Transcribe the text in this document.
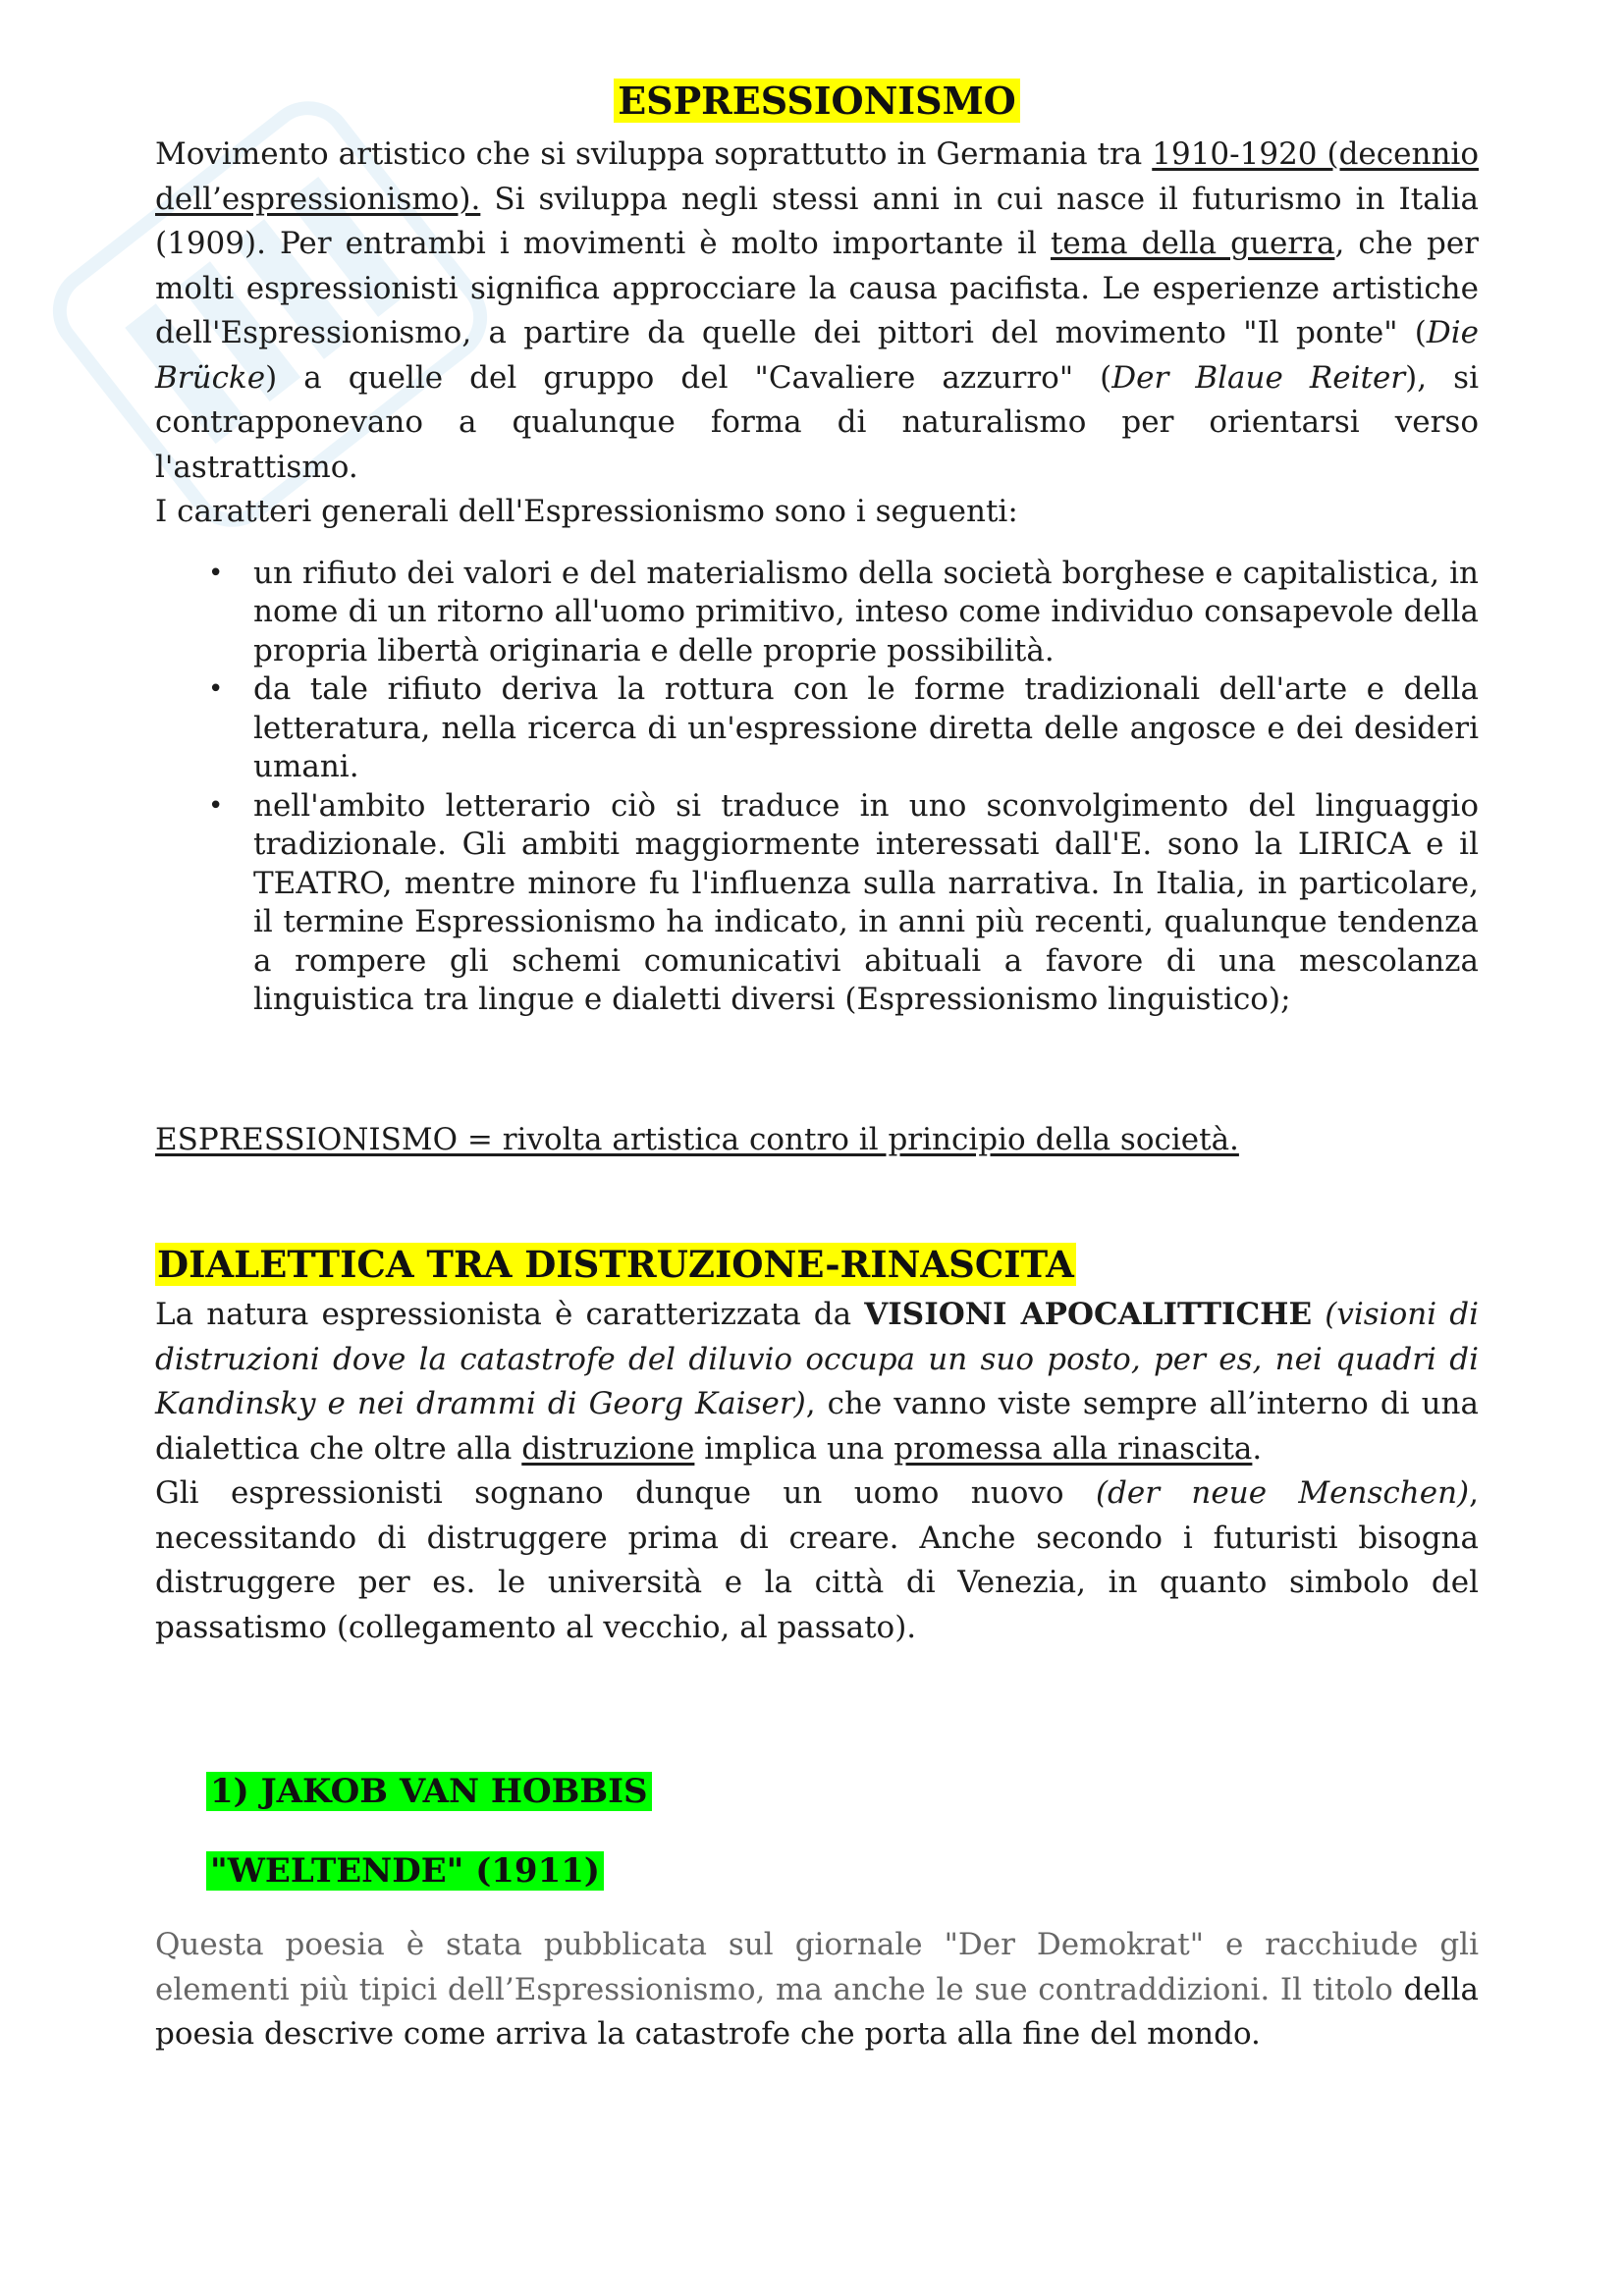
ESPRESSIONISMO

Movimento artistico che si sviluppa soprattutto in Germania tra 1910-1920 (decennio dell’espressionismo). Si sviluppa negli stessi anni in cui nasce il futurismo in Italia (1909). Per entrambi i movimenti è molto importante il tema della guerra, che per molti espressionisti significa approcciare la causa pacifista. Le esperienze artistiche dell'Espressionismo, a partire da quelle dei pittori del movimento "Il ponte" (Die Brücke) a quelle del gruppo del "Cavaliere azzurro" (Der Blaue Reiter), si contrapponevano a qualunque forma di naturalismo per orientarsi verso l'astrattismo.

I caratteri generali dell'Espressionismo sono i seguenti:

• un rifiuto dei valori e del materialismo della società borghese e capitalistica, in nome di un ritorno all'uomo primitivo, inteso come individuo consapevole della propria libertà originaria e delle proprie possibilità.
• da tale rifiuto deriva la rottura con le forme tradizionali dell'arte e della letteratura, nella ricerca di un'espressione diretta delle angosce e dei desideri umani.
• nell'ambito letterario ciò si traduce in uno sconvolgimento del linguaggio tradizionale. Gli ambiti maggiormente interessati dall'E. sono la LIRICA e il TEATRO, mentre minore fu l'influenza sulla narrativa. In Italia, in particolare, il termine Espressionismo ha indicato, in anni più recenti, qualunque tendenza a rompere gli schemi comunicativi abituali a favore di una mescolanza linguistica tra lingue e dialetti diversi (Espressionismo linguistico);

ESPRESSIONISMO = rivolta artistica contro il principio della società.

DIALETTICA TRA DISTRUZIONE-RINASCITA

La natura espressionista è caratterizzata da VISIONI APOCALITTICHE (visioni di distruzioni dove la catastrofe del diluvio occupa un suo posto, per es, nei quadri di Kandinsky e nei drammi di Georg Kaiser), che vanno viste sempre all’interno di una dialettica che oltre alla distruzione implica una promessa alla rinascita.

Gli espressionisti sognano dunque un uomo nuovo (der neue Menschen), necessitando di distruggere prima di creare. Anche secondo i futuristi bisogna distruggere per es. le università e la città di Venezia, in quanto simbolo del passatismo (collegamento al vecchio, al passato).

1) JAKOB VAN HOBBIS

"WELTENDE" (1911)

Questa poesia è stata pubblicata sul giornale "Der Demokrat" e racchiude gli elementi più tipici dell’Espressionismo, ma anche le sue contraddizioni. Il titolo della poesia descrive come arriva la catastrofe che porta alla fine del mondo.
